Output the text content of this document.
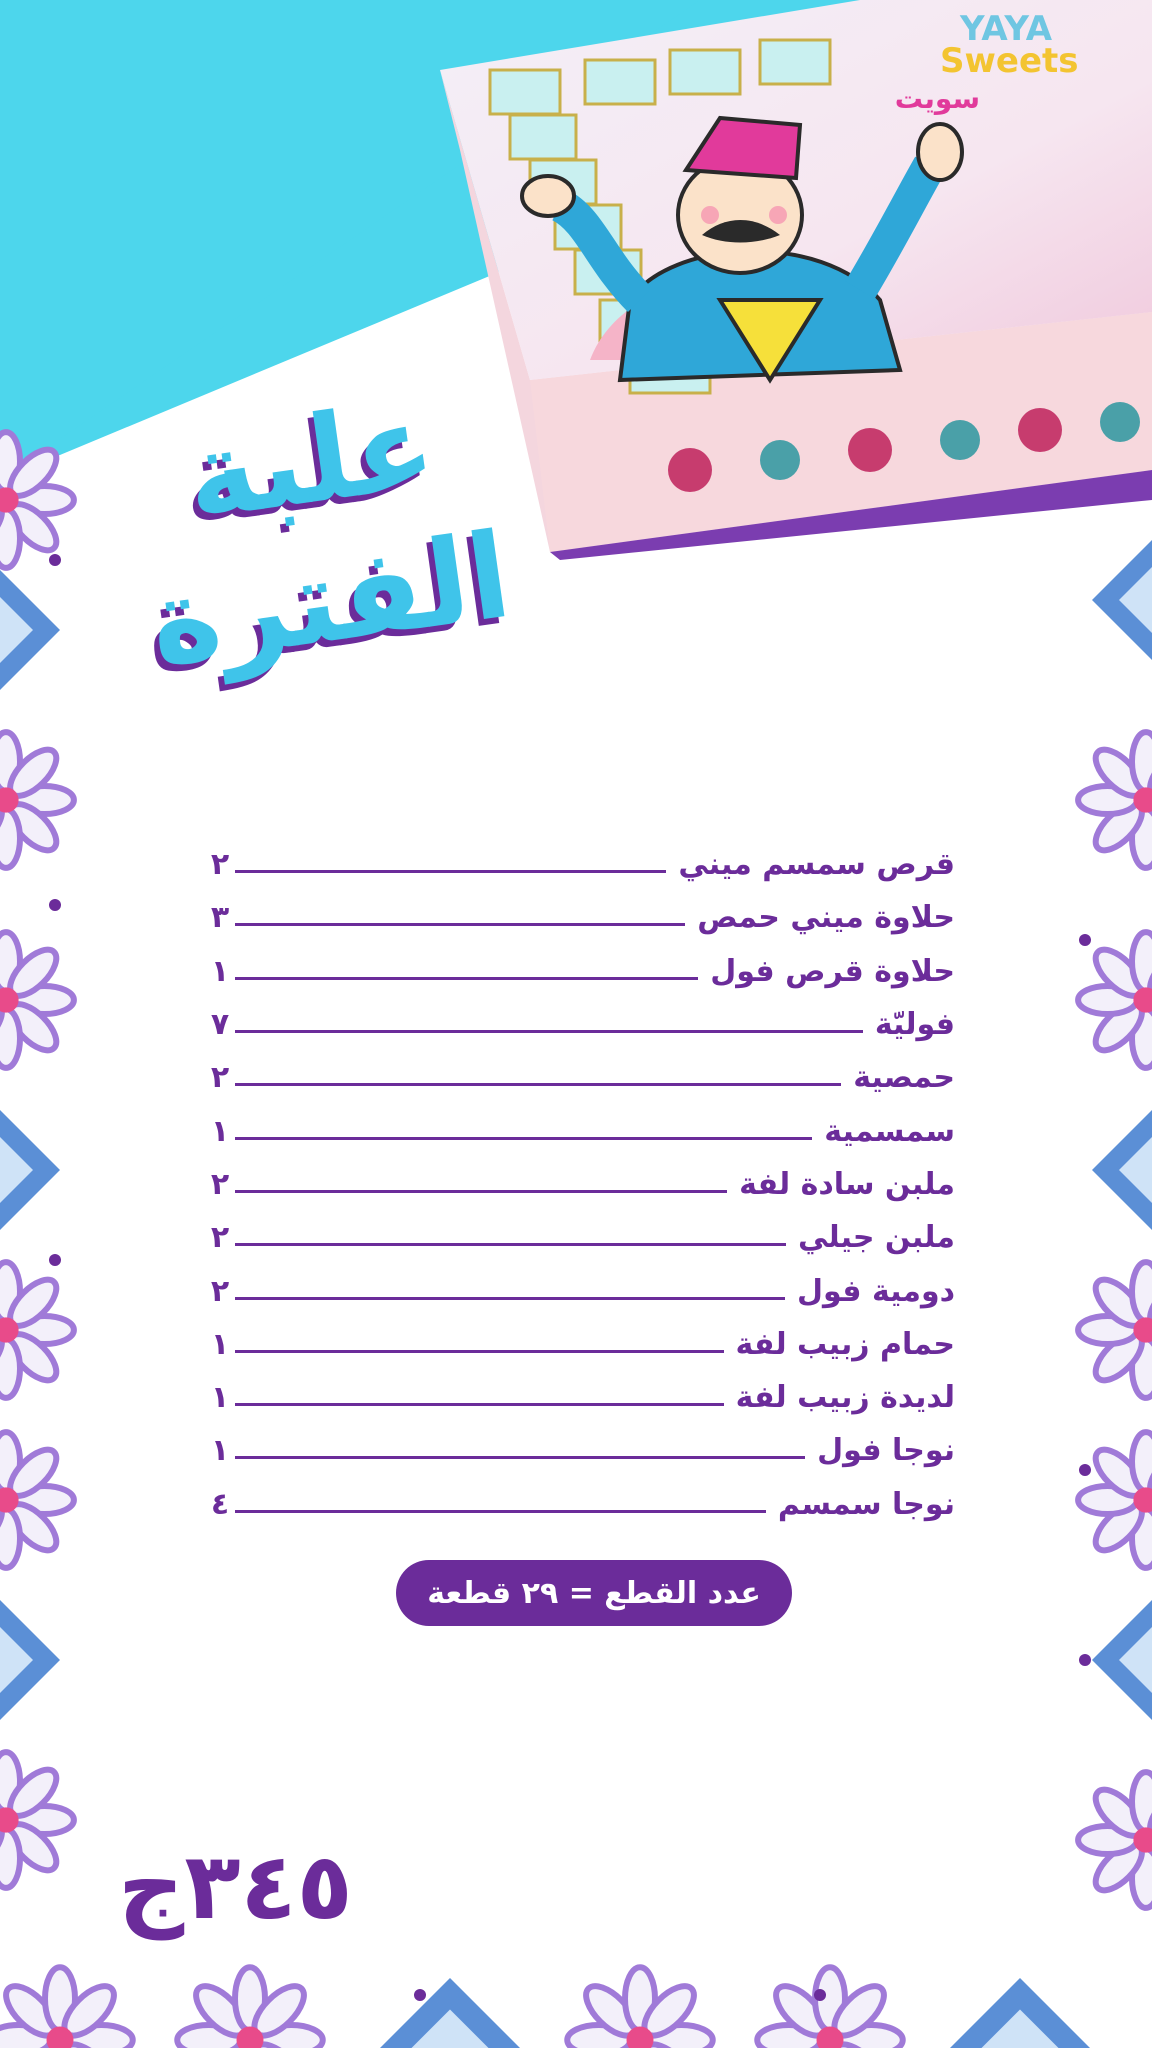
YAYA
Sweets
سويت
علبة
الفترة
قرص سمسم ميني
٢
حلاوة ميني حمص
٣
حلاوة قرص فول
١
فوليّة
٧
حمصية
٢
سمسمية
١
ملبن سادة لفة
٢
ملبن جيلي
٢
دومية فول
٢
حمام زبيب لفة
١
لديدة زبيب لفة
١
نوجا فول
١
نوجا سمسم
٤
عدد القطع = ٢٩ قطعة
٣٤٥ج
